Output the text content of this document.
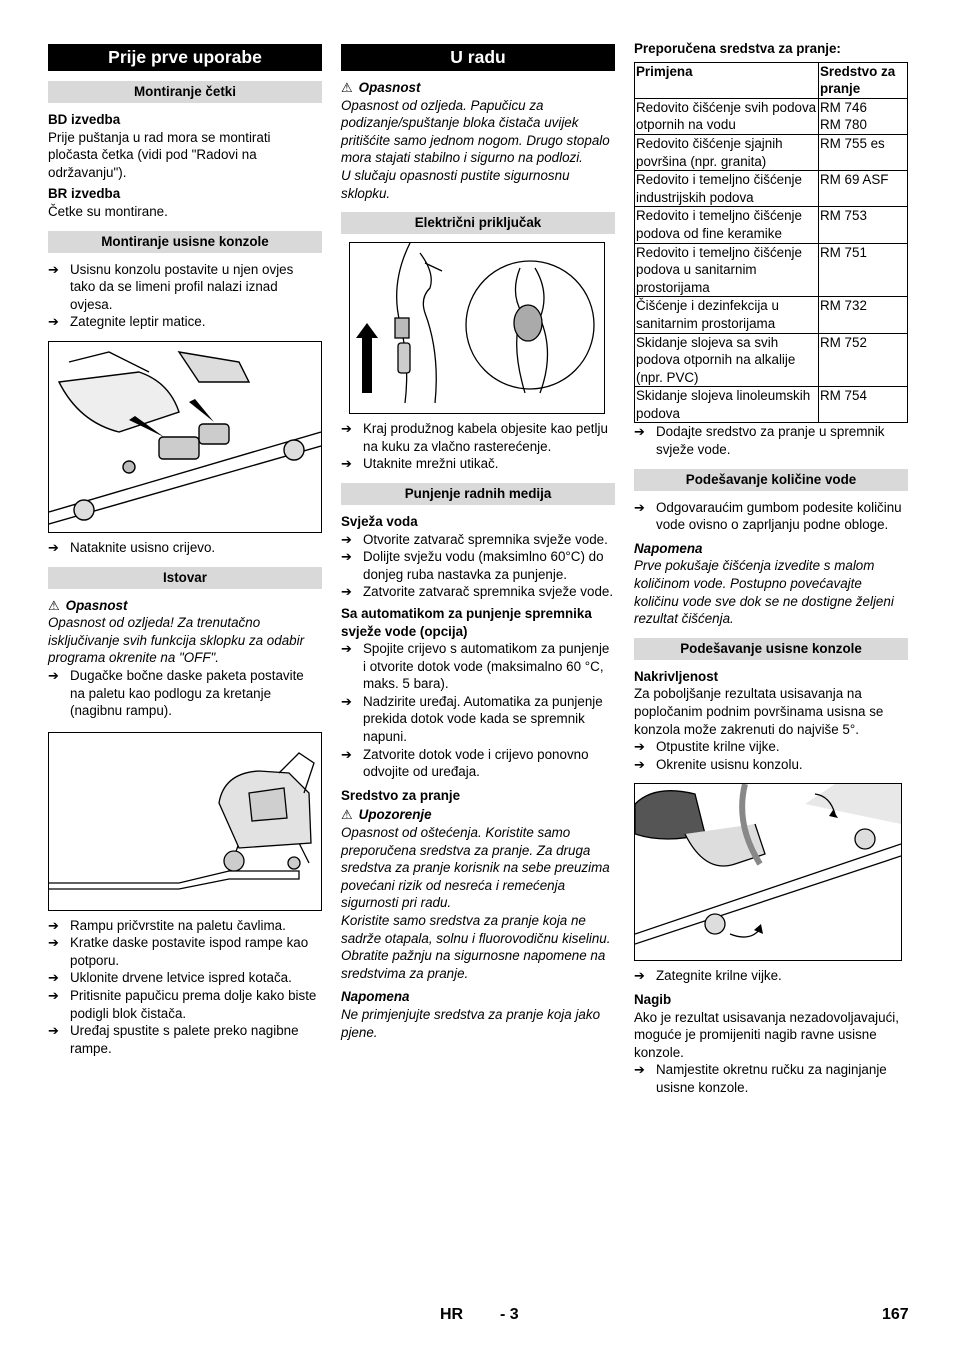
Prije prve uporabe
Montiranje četki
BD izvedba

Prije puštanja u rad mora se montirati pločasta četka (vidi pod "Radovi na održavanju").

BR izvedba

Četke su montirane.

Montiranje usisne konzole
➔ Usisnu konzolu postavite u njen ovjes tako da se limeni profil nalazi iznad ovjesa.
➔ Zategnite leptir matice.
➔ Nataknite usisno crijevo.
Istovar
⚠ Opasnost

Opasnost od ozljeda! Za trenutačno isključivanje svih funkcija sklopku za odabir programa okrenite na "OFF".

➔ Dugačke bočne daske paketa postavite na paletu kao podlogu za kretanje (nagibnu rampu).
➔ Rampu pričvrstite na paletu čavlima.
➔ Kratke daske postavite ispod rampe kao potporu.
➔ Uklonite drvene letvice ispred kotača.
➔ Pritisnite papučicu prema dolje kako biste podigli blok čistača.
➔ Uređaj spustite s palete preko nagibne rampe.
U radu
⚠ Opasnost

Opasnost od ozljeda. Papučicu za podizanje/spuštanje bloka čistača uvijek pritišćite samo jednom nogom. Drugo stopalo mora stajati stabilno i sigurno na podlozi.

U slučaju opasnosti pustite sigurnosnu sklopku.

Električni priključak
➔ Kraj produžnog kabela objesite kao petlju na kuku za vlačno rasterećenje.
➔ Utaknite mrežni utikač.
Punjenje radnih medija
Svježa voda
➔ Otvorite zatvarač spremnika svježe vode.
➔ Dolijte svježu vodu (maksimlno 60°C) do donjeg ruba nastavka za punjenje.
➔ Zatvorite zatvarač spremnika svježe vode.
Sa automatikom za punjenje spremnika svježe vode (opcija)
➔ Spojite crijevo s automatikom za punjenje i otvorite dotok vode (maksimalno 60 °C, maks. 5 bara).
➔ Nadzirite uređaj. Automatika za punjenje prekida dotok vode kada se spremnik napuni.
➔ Zatvorite dotok vode i crijevo ponovno odvojite od uređaja.
Sredstvo za pranje
⚠ Upozorenje

Opasnost od oštećenja. Koristite samo preporučena sredstva za pranje. Za druga sredstva za pranje korisnik na sebe preuzima povećani rizik od nesreća i remećenja sigurnosti pri radu.

Koristite samo sredstva za pranje koja ne sadrže otapala, solnu i fluorovodičnu kiselinu.

Obratite pažnju na sigurnosne napomene na sredstvima za pranje.

Napomena

Ne primjenjujte sredstva za pranje koja jako pjene.

Preporučena sredstva za pranje:
Primjena	Sredstvo za pranje
Redovito čišćenje svih podova otpornih na vodu	RM 746
RM 780
Redovito čišćenje sjajnih površina (npr. granita)	RM 755 es
Redovito i temeljno čišćenje industrijskih podova	RM 69 ASF
Redovito i temeljno čišćenje podova od fine keramike	RM 753
Redovito i temeljno čišćenje podova u sanitarnim prostorijama	RM 751
Čišćenje i dezinfekcija u sanitarnim prostorijama	RM 732
Skidanje slojeva sa svih podova otpornih na alkalije (npr. PVC)	RM 752
Skidanje slojeva linoleumskih podova	RM 754
➔ Dodajte sredstvo za pranje u spremnik svježe vode.
Podešavanje količine vode
➔ Odgovaraućim gumbom podesite količinu vode ovisno o zaprljanju podne obloge.
Napomena

Prve pokušaje čišćenja izvedite s malom količinom vode. Postupno povećavajte količinu vode sve dok se ne dostigne željeni rezultat čišćenja.

Podešavanje usisne konzole
Nakrivljenost

Za poboljšanje rezultata usisavanja na popločanim podnim površinama usisna se konzola može zakrenuti do najviše 5°.

➔ Otpustite krilne vijke.
➔ Okrenite usisnu konzolu.
➔ Zategnite krilne vijke.
Nagib

Ako je rezultat usisavanja nezadovoljavajući, moguće je promijeniti nagib ravne usisne konzole.

➔ Namjestite okretnu ručku za naginjanje usisne konzole.
HR - 3	167
